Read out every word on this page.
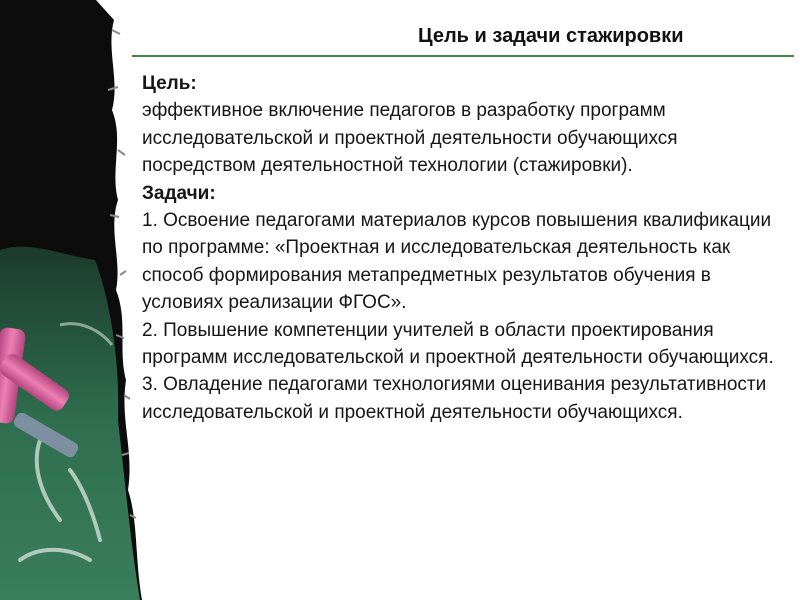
Цель и задачи стажировки

Цель:

эффективное включение педагогов в разработку программ исследовательской и проектной деятельности обучающихся посредством деятельностной технологии (стажировки).

Задачи:

1. Освоение педагогами материалов курсов повышения квалификации по программе: «Проектная и исследовательская деятельность как способ формирования метапредметных результатов обучения в условиях реализации ФГОС».

2. Повышение компетенции учителей в области проектирования программ исследовательской и проектной деятельности обучающихся.

3. Овладение педагогами технологиями оценивания результативности исследовательской и проектной деятельности обучающихся.
